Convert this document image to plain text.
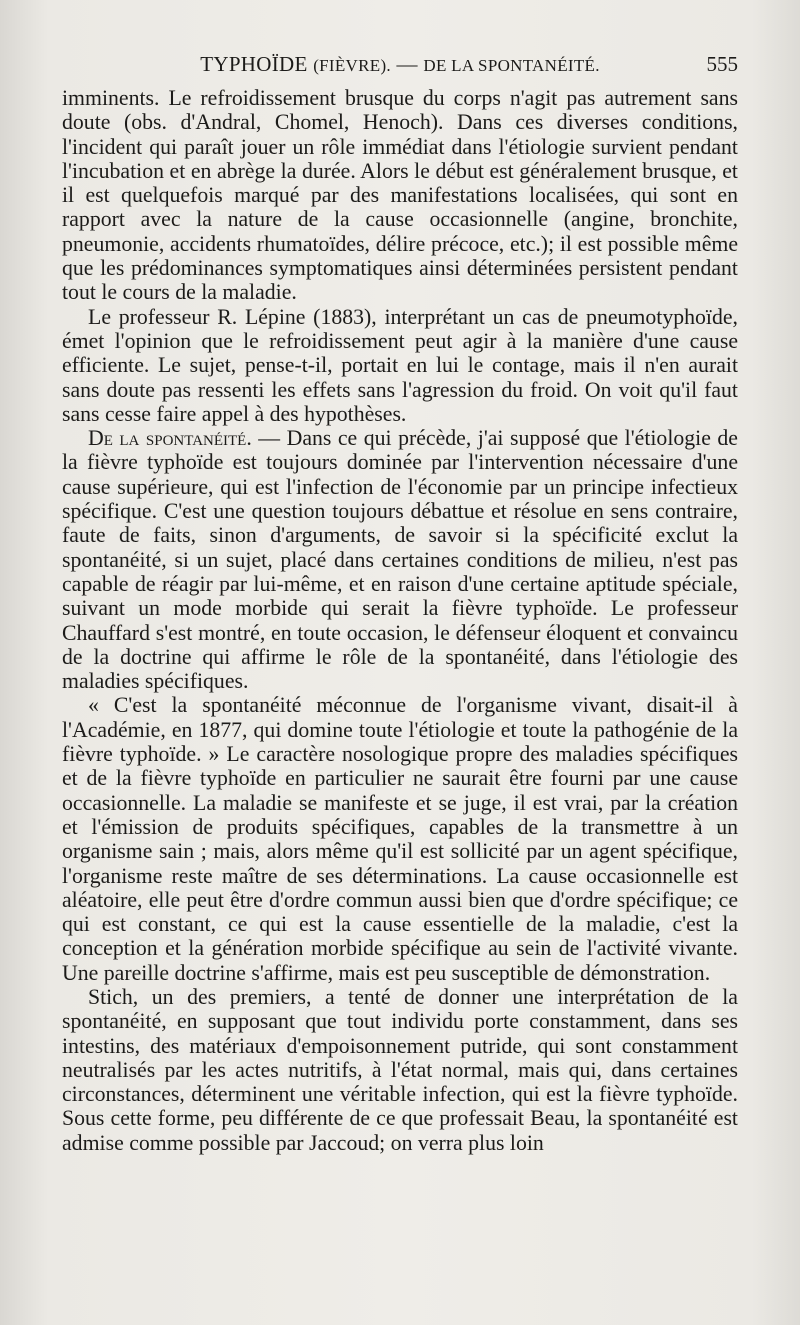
TYPHOÏDE (FIÈVRE). — DE LA SPONTANÉITÉ.	555

imminents. Le refroidissement brusque du corps n'agit pas autrement sans doute (obs. d'Andral, Chomel, Henoch). Dans ces diverses conditions, l'incident qui paraît jouer un rôle immédiat dans l'étiologie survient pendant l'incubation et en abrège la durée. Alors le début est généralement brusque, et il est quelquefois marqué par des manifestations localisées, qui sont en rapport avec la nature de la cause occasionnelle (angine, bronchite, pneumonie, accidents rhumatoïdes, délire précoce, etc.); il est possible même que les prédominances symptomatiques ainsi déterminées persistent pendant tout le cours de la maladie.

Le professeur R. Lépine (1883), interprétant un cas de pneumotyphoïde, émet l'opinion que le refroidissement peut agir à la manière d'une cause efficiente. Le sujet, pense-t-il, portait en lui le contage, mais il n'en aurait sans doute pas ressenti les effets sans l'agression du froid. On voit qu'il faut sans cesse faire appel à des hypothèses.

De la spontanéité. — Dans ce qui précède, j'ai supposé que l'étiologie de la fièvre typhoïde est toujours dominée par l'intervention nécessaire d'une cause supérieure, qui est l'infection de l'économie par un principe infectieux spécifique. C'est une question toujours débattue et résolue en sens contraire, faute de faits, sinon d'arguments, de savoir si la spécificité exclut la spontanéité, si un sujet, placé dans certaines conditions de milieu, n'est pas capable de réagir par lui-même, et en raison d'une certaine aptitude spéciale, suivant un mode morbide qui serait la fièvre typhoïde. Le professeur Chauffard s'est montré, en toute occasion, le défenseur éloquent et convaincu de la doctrine qui affirme le rôle de la spontanéité, dans l'étiologie des maladies spécifiques.

« C'est la spontanéité méconnue de l'organisme vivant, disait-il à l'Académie, en 1877, qui domine toute l'étiologie et toute la pathogénie de la fièvre typhoïde. » Le caractère nosologique propre des maladies spécifiques et de la fièvre typhoïde en particulier ne saurait être fourni par une cause occasionnelle. La maladie se manifeste et se juge, il est vrai, par la création et l'émission de produits spécifiques, capables de la transmettre à un organisme sain ; mais, alors même qu'il est sollicité par un agent spécifique, l'organisme reste maître de ses déterminations. La cause occasionnelle est aléatoire, elle peut être d'ordre commun aussi bien que d'ordre spécifique; ce qui est constant, ce qui est la cause essentielle de la maladie, c'est la conception et la génération morbide spécifique au sein de l'activité vivante. Une pareille doctrine s'affirme, mais est peu susceptible de démonstration.

Stich, un des premiers, a tenté de donner une interprétation de la spontanéité, en supposant que tout individu porte constamment, dans ses intestins, des matériaux d'empoisonnement putride, qui sont constamment neutralisés par les actes nutritifs, à l'état normal, mais qui, dans certaines circonstances, déterminent une véritable infection, qui est la fièvre typhoïde. Sous cette forme, peu différente de ce que professait Beau, la spontanéité est admise comme possible par Jaccoud; on verra plus loin
